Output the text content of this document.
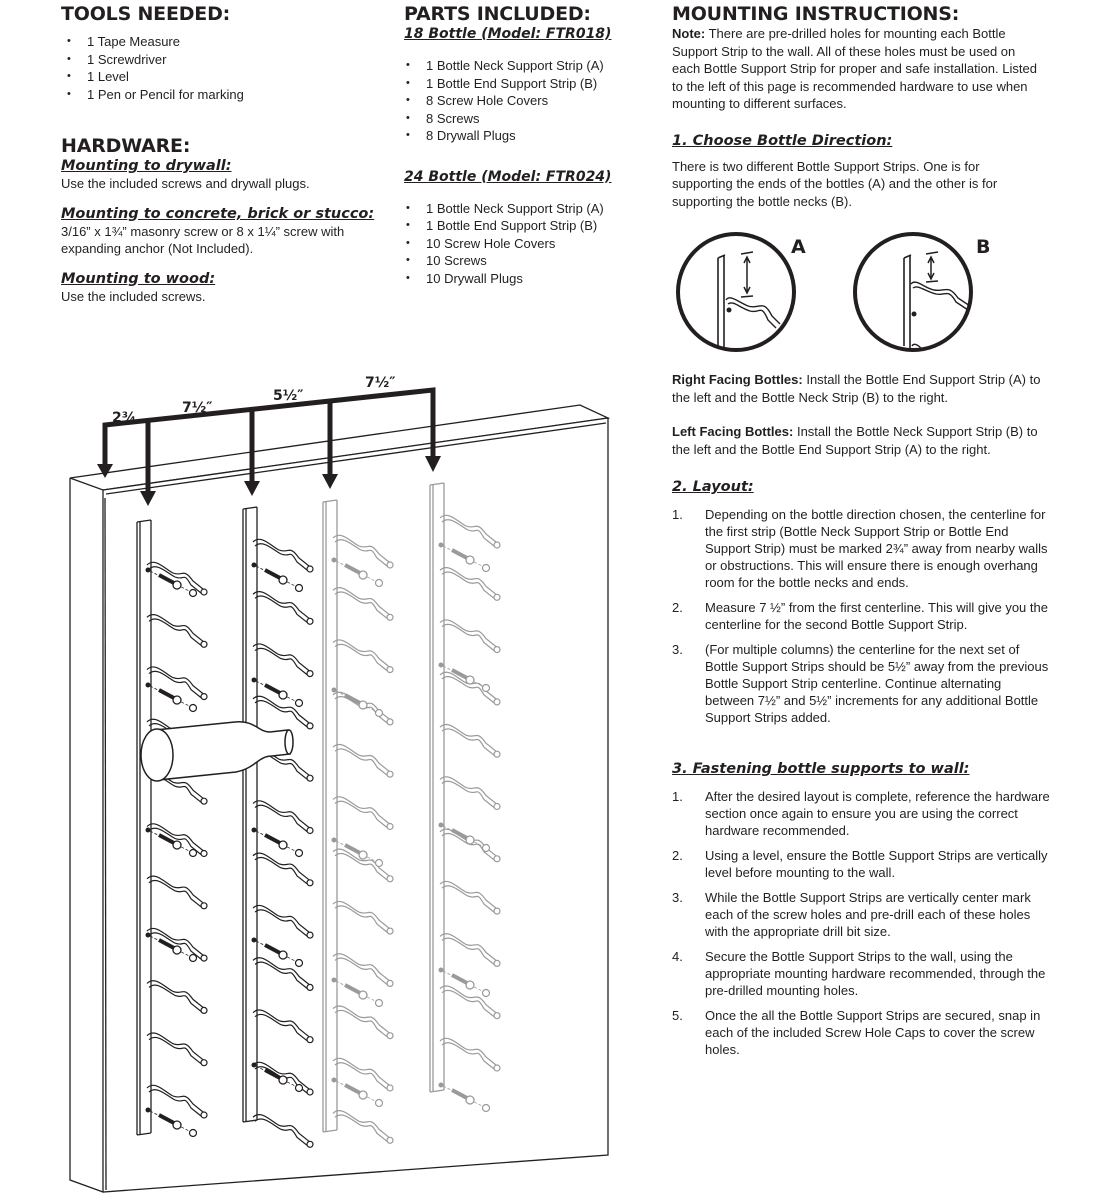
TOOLS NEEDED:
• 1 Tape Measure
• 1 Screwdriver
• 1 Level
• 1 Pen or Pencil for marking
HARDWARE:
Mounting to drywall:
Use the included screws and drywall plugs.
Mounting to concrete, brick or stucco:
3/16” x 1¾” masonry screw or 8 x 1¼” screw with expanding anchor (Not Included).
Mounting to wood:
Use the included screws.
PARTS INCLUDED:
18 Bottle (Model: FTR018)
• 1 Bottle Neck Support Strip (A)
• 1 Bottle End Support Strip (B)
• 8 Screw Hole Covers
• 8 Screws
• 8 Drywall Plugs
24 Bottle (Model: FTR024)
• 1 Bottle Neck Support Strip (A)
• 1 Bottle End Support Strip (B)
• 10 Screw Hole Covers
• 10 Screws
• 10 Drywall Plugs
MOUNTING INSTRUCTIONS:
Note: There are pre-drilled holes for mounting each Bottle Support Strip to the wall. All of these holes must be used on each Bottle Support Strip for proper and safe installation. Listed to the left of this page is recommended hardware to use when mounting to different surfaces.
1. Choose Bottle Direction:
There is two different Bottle Support Strips. One is for supporting the ends of the bottles (A) and the other is for supporting the bottle necks (B).
A	B
Right Facing Bottles: Install the Bottle End Support Strip (A) to the left and the Bottle Neck Strip (B) to the right.
Left Facing Bottles: Install the Bottle Neck Support Strip (B) to the left and the Bottle End Support Strip (A) to the right.
2. Layout:
1. Depending on the bottle direction chosen, the centerline for the first strip (Bottle Neck Support Strip or Bottle End Support Strip) must be marked 2¾” away from nearby walls or obstructions. This will ensure there is enough overhang room for the bottle necks and ends.
2. Measure 7 ½” from the first centerline. This will give you the centerline for the second Bottle Support Strip.
3. (For multiple columns) the centerline for the next set of Bottle Support Strips should be 5½” away from the previous Bottle Support Strip centerline. Continue alternating between 7½” and 5½” increments for any additional Bottle Support Strips added.
3. Fastening bottle supports to wall:
1. After the desired layout is complete, reference the hardware section once again to ensure you are using the correct hardware recommended.
2. Using a level, ensure the Bottle Support Strips are vertically level before mounting to the wall.
3. While the Bottle Support Strips are vertically center mark each of the screw holes and pre-drill each of these holes with the appropriate drill bit size.
4. Secure the Bottle Support Strips to the wall, using the appropriate mounting hardware recommended, through the pre-drilled mounting holes.
5. Once the all the Bottle Support Strips are secured, snap in each of the included Screw Hole Caps to cover the screw holes.
2¾
7½″
5½″
7½″
